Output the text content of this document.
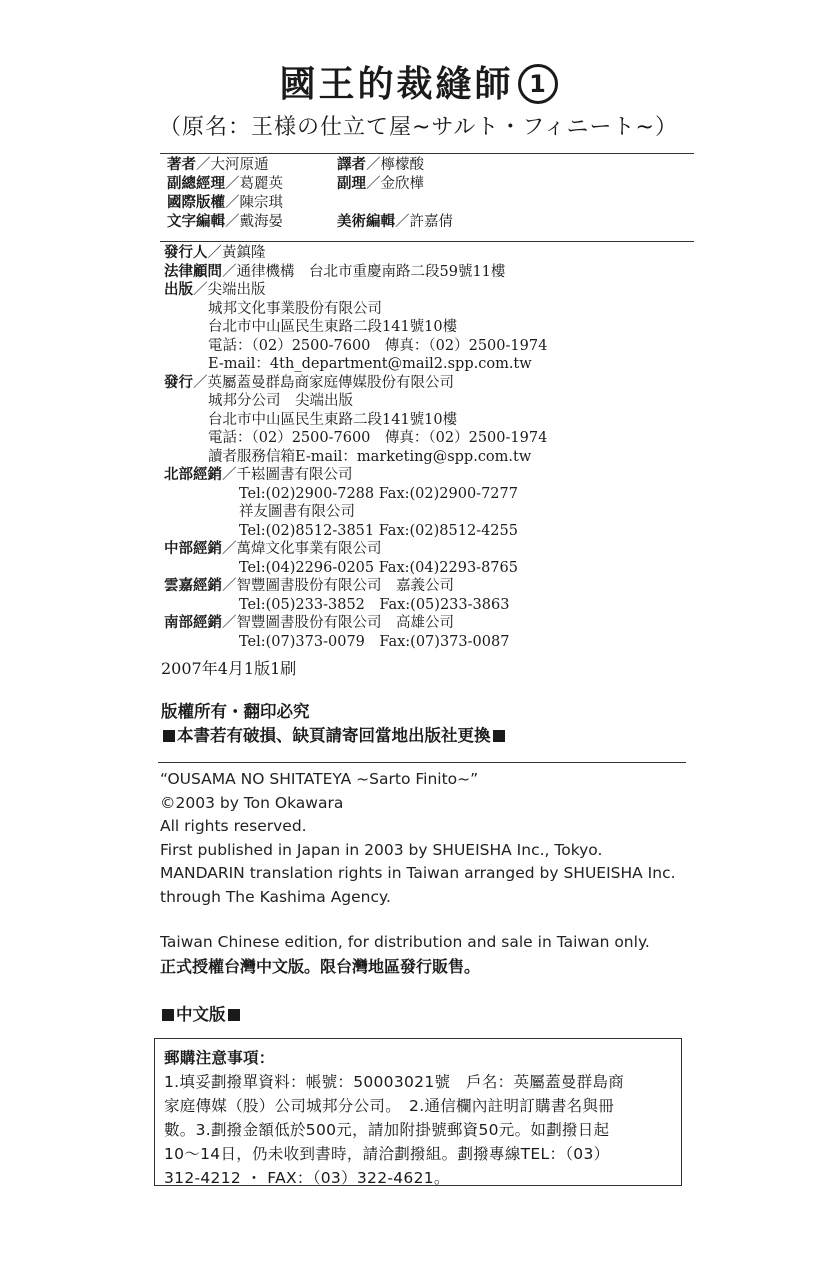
國王的裁縫師 1
（原名：王様の仕立て屋~サルト・フィニート~）
著者／大河原遁	譯者／檸檬酸
副總經理／葛麗英	副理／金欣樺
國際版權／陳宗琪
文字編輯／戴海晏	美術編輯／許嘉倩
發行人／黃鎮隆
法律顧問／通律機構　台北市重慶南路二段59號11樓
出版／尖端出版
城邦文化事業股份有限公司
台北市中山區民生東路二段141號10樓
電話：（02）2500-7600　傳真：（02）2500-1974
E-mail：4th_department@mail2.spp.com.tw
發行／英屬蓋曼群島商家庭傳媒股份有限公司
城邦分公司　尖端出版
台北市中山區民生東路二段141號10樓
電話：（02）2500-7600　傳真：（02）2500-1974
讀者服務信箱E-mail：marketing@spp.com.tw
北部經銷／千崧圖書有限公司
Tel:(02)2900-7288 Fax:(02)2900-7277
祥友圖書有限公司
Tel:(02)8512-3851 Fax:(02)8512-4255
中部經銷／萬煒文化事業有限公司
Tel:(04)2296-0205 Fax:(04)2293-8765
雲嘉經銷／智豐圖書股份有限公司　嘉義公司
Tel:(05)233-3852　Fax:(05)233-3863
南部經銷／智豐圖書股份有限公司　高雄公司
Tel:(07)373-0079　Fax:(07)373-0087
2007年4月1版1刷
版權所有・翻印必究
本書若有破損、缺頁請寄回當地出版社更換
“OUSAMA NO SHITATEYA ~Sarto Finito~”
©2003 by Ton Okawara
All rights reserved.
First published in Japan in 2003 by SHUEISHA Inc., Tokyo.
MANDARIN translation rights in Taiwan arranged by SHUEISHA Inc.
through The Kashima Agency.
Taiwan Chinese edition, for distribution and sale in Taiwan only.
正式授權台灣中文版。限台灣地區發行販售。
中文版
郵購注意事項：
1.填妥劃撥單資料：帳號：50003021號　戶名：英屬蓋曼群島商
家庭傳媒（股）公司城邦分公司。　2.通信欄內註明訂購書名與冊
數。3.劃撥金額低於500元，請加附掛號郵資50元。如劃撥日起
10～14日，仍未收到書時，請洽劃撥組。劃撥專線TEL：（03）
312-4212 ・ FAX：（03）322-4621。
